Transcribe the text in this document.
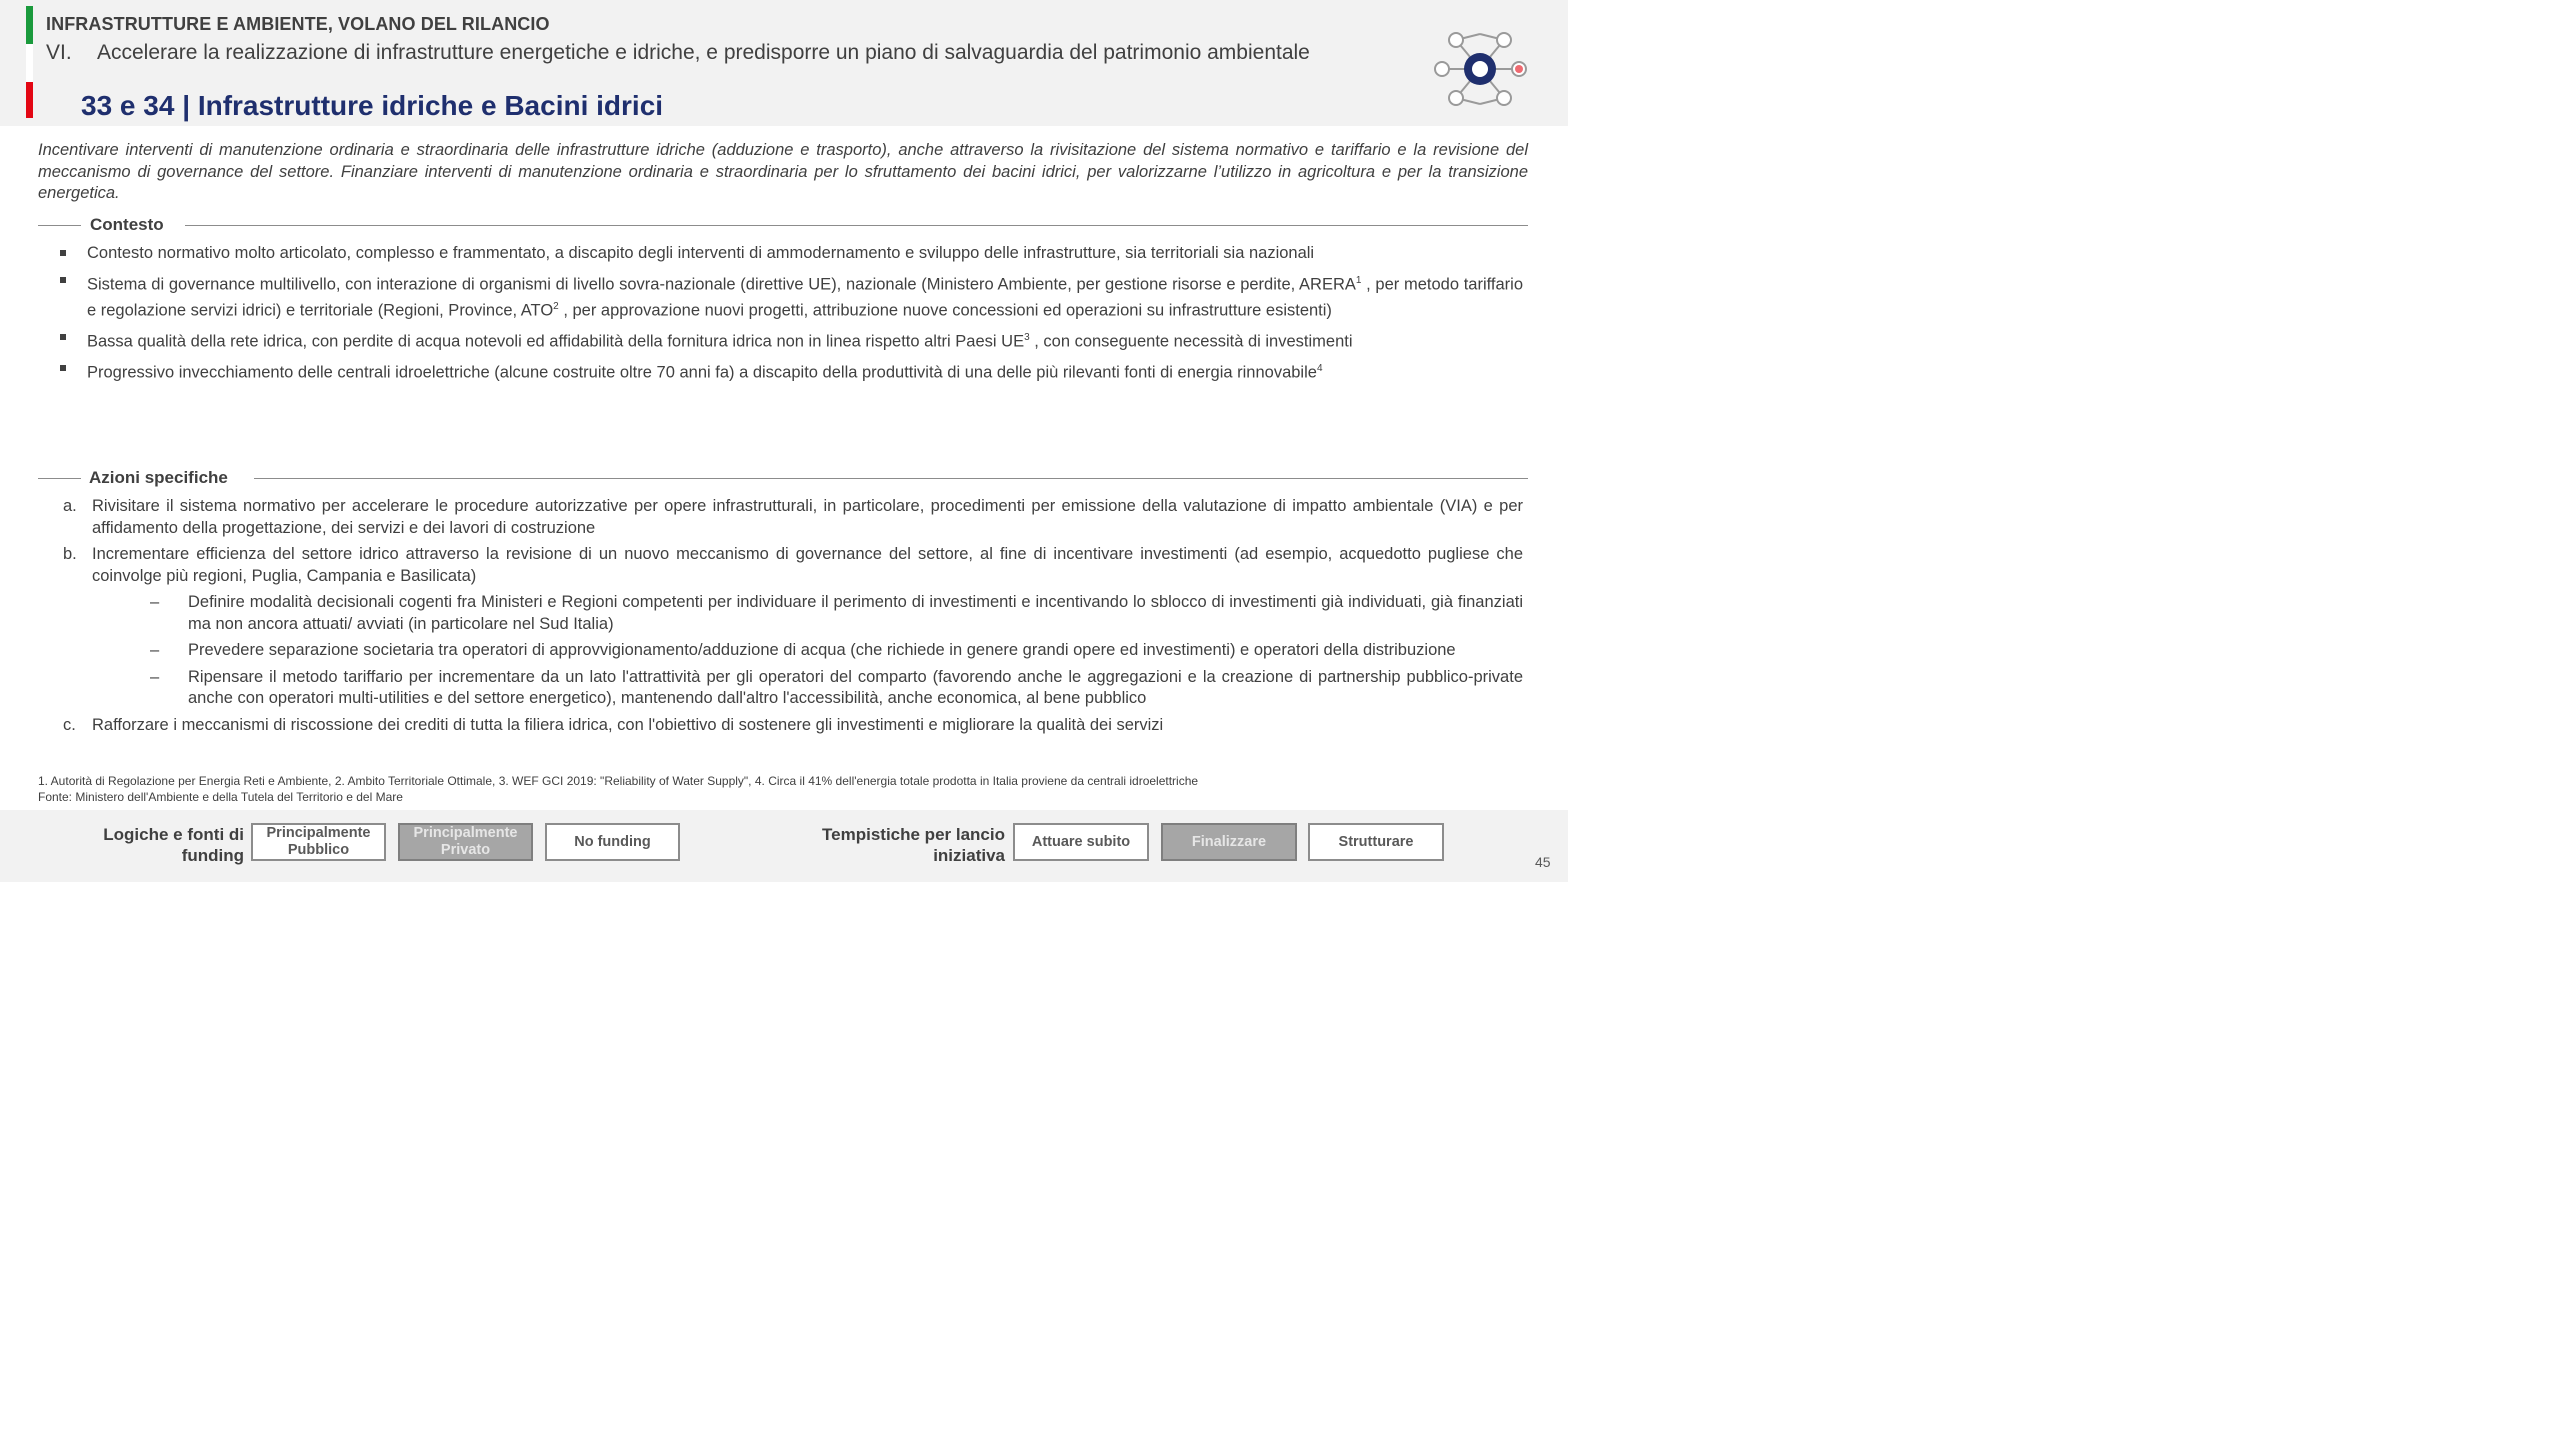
INFRASTRUTTURE E AMBIENTE, VOLANO DEL RILANCIO
VI. Accelerare la realizzazione di infrastrutture energetiche e idriche, e predisporre un piano di salvaguardia del patrimonio ambientale
33 e 34 | Infrastrutture idriche e Bacini idrici
Incentivare interventi di manutenzione ordinaria e straordinaria delle infrastrutture idriche (adduzione e trasporto), anche attraverso la rivisitazione del sistema normativo e tariffario e la revisione del meccanismo di governance del settore. Finanziare interventi di manutenzione ordinaria e straordinaria per lo sfruttamento dei bacini idrici, per valorizzarne l’utilizzo in agricoltura e per la transizione energetica.
Contesto
Contesto normativo molto articolato, complesso e frammentato, a discapito degli interventi di ammodernamento e sviluppo delle infrastrutture, sia territoriali sia nazionali
Sistema di governance multilivello, con interazione di organismi di livello sovra-nazionale (direttive UE), nazionale (Ministero Ambiente, per gestione risorse e perdite, ARERA$^1$ , per metodo tariffario e regolazione servizi idrici) e territoriale (Regioni, Province, ATO$^2$ , per approvazione nuovi progetti, attribuzione nuove concessioni ed operazioni su infrastrutture esistenti)
Bassa qualità della rete idrica, con perdite di acqua notevoli ed affidabilità della fornitura idrica non in linea rispetto altri Paesi $UE^3$ , con conseguente necessità di investimenti
Progressivo invecchiamento delle centrali idroelettriche (alcune costruite oltre 70 anni fa) a discapito della produttività di una delle più rilevanti fonti di energia rinnovabile$^4$
Azioni specifiche
a. Rivisitare il sistema normativo per accelerare le procedure autorizzative per opere infrastrutturali, in particolare, procedimenti per emissione della valutazione di impatto ambientale (VIA) e per affidamento della progettazione, dei servizi e dei lavori di costruzione
b. Incrementare efficienza del settore idrico attraverso la revisione di un nuovo meccanismo di governance del settore, al fine di incentivare investimenti (ad esempio, acquedotto pugliese che coinvolge più regioni, Puglia, Campania e Basilicata)
– Definire modalità decisionali cogenti fra Ministeri e Regioni competenti per individuare il perimento di investimenti e incentivando lo sblocco di investimenti già individuati, già finanziati ma non ancora attuati/ avviati (in particolare nel Sud Italia)
– Prevedere separazione societaria tra operatori di approvvigionamento/adduzione di acqua (che richiede in genere grandi opere ed investimenti) e operatori della distribuzione
– Ripensare il metodo tariffario per incrementare da un lato l'attrattività per gli operatori del comparto (favorendo anche le aggregazioni e la creazione di partnership pubblico-private anche con operatori multi-utilities e del settore energetico), mantenendo dall'altro l'accessibilità, anche economica, al bene pubblico
c. Rafforzare i meccanismi di riscossione dei crediti di tutta la filiera idrica, con l'obiettivo di sostenere gli investimenti e migliorare la qualità dei servizi
1. Autorità di Regolazione per Energia Reti e Ambiente, 2. Ambito Territoriale Ottimale, 3. WEF GCI 2019: "Reliability of Water Supply", 4. Circa il 41% dell'energia totale prodotta in Italia proviene da centrali idroelettriche
Fonte: Ministero dell'Ambiente e della Tutela del Territorio e del Mare
Logiche e fonti di
funding
Principalmente
Pubblico
Principalmente
Privato
No funding	Tempistiche per lancio
iniziativa
Attuare subito	Finalizzare	Strutturare
45
